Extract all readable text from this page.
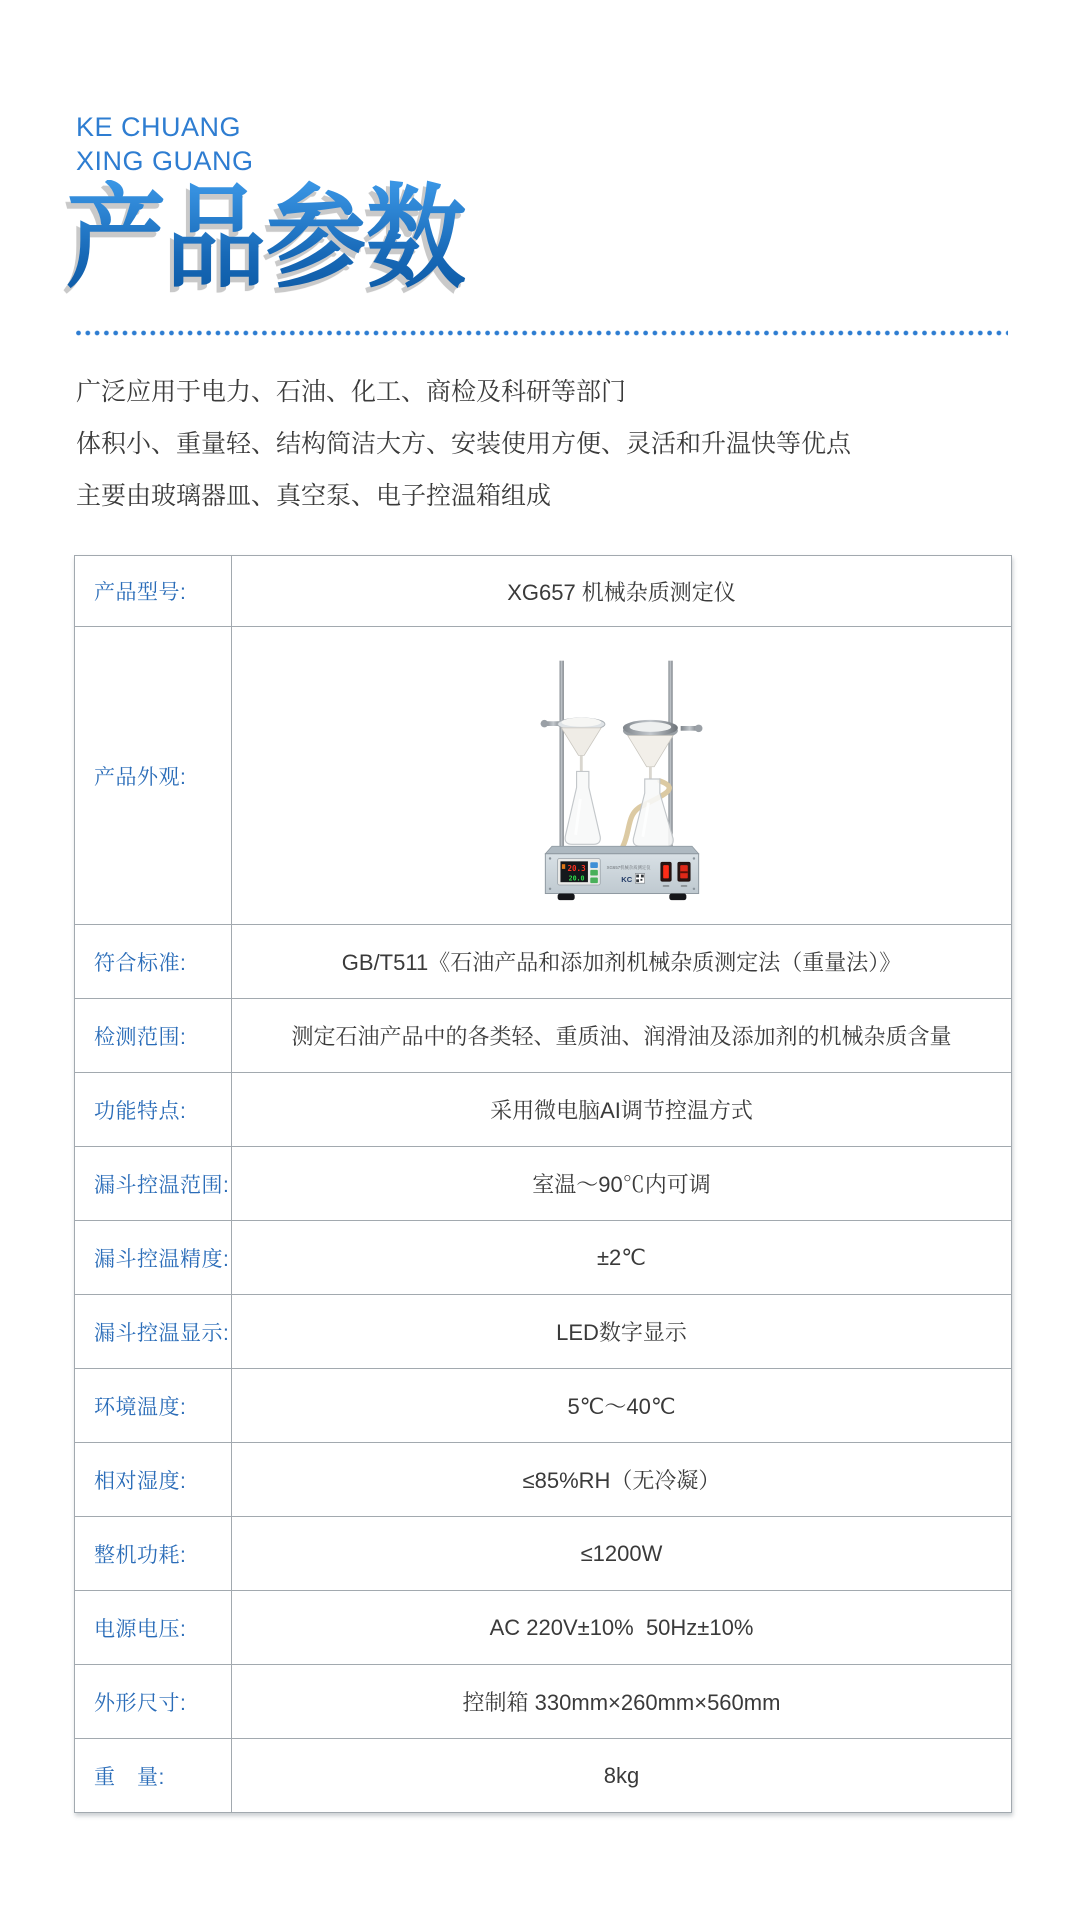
KE CHUANG
XING GUANG
产品参数
广泛应用于电力、石油、化工、商检及科研等部门
体积小、重量轻、结构简洁大方、安装使用方便、灵活和升温快等优点
主要由玻璃器皿、真空泵、电子控温箱组成
产品型号:	XG657 机械杂质测定仪
产品外观:
20.3
20.0
XG657机械杂质测定仪
KC
符合标准:	GB/T511《石油产品和添加剂机械杂质测定法（重量法）》
检测范围:	测定石油产品中的各类轻、重质油、润滑油及添加剂的机械杂质含量
功能特点:	采用微电脑AI调节控温方式
漏斗控温范围:	室温～90℃内可调
漏斗控温精度:	±2℃
漏斗控温显示:	LED数字显示
环境温度:	5℃～40℃
相对湿度:	≤85%RH（无冷凝）
整机功耗:	≤1200W
电源电压:	AC 220V±10%  50Hz±10%
外形尺寸:	控制箱 330mm×260mm×560mm
重　量:	8kg
